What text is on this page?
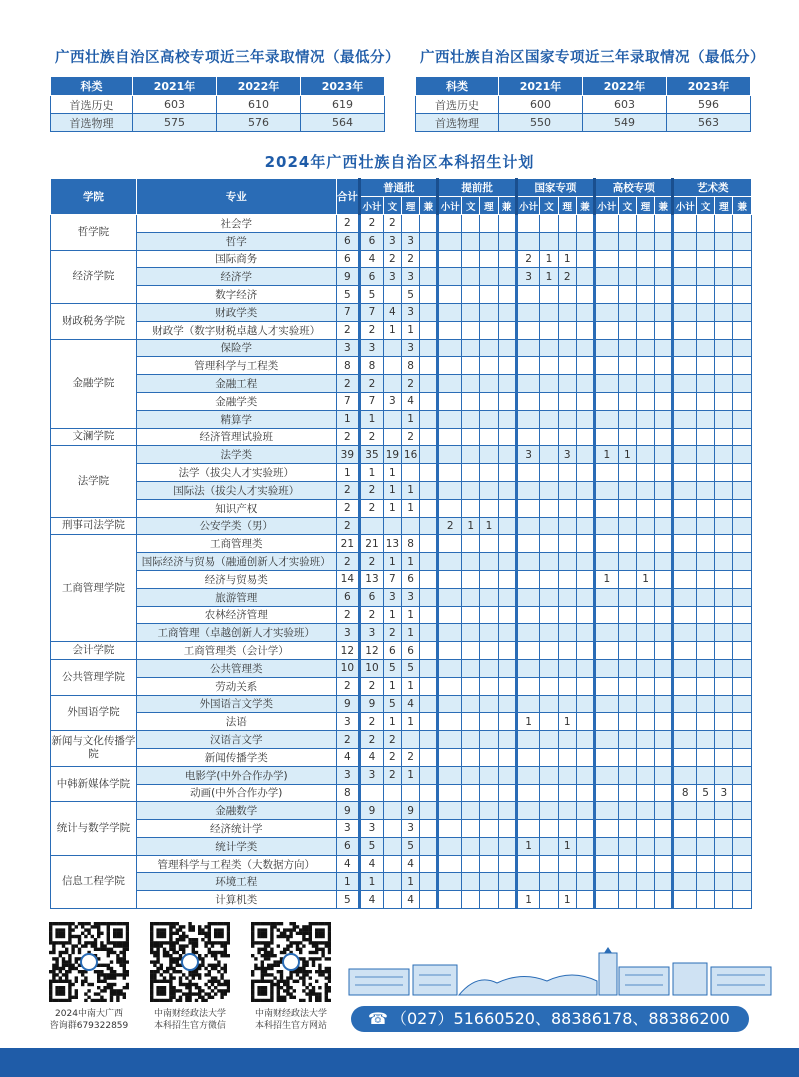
广西壮族自治区高校专项近三年录取情况（最低分）
科类	2021年	2022年	2023年
首选历史	603	610	619
首选物理	575	576	564
广西壮族自治区国家专项近三年录取情况（最低分）
科类	2021年	2022年	2023年
首选历史	600	603	596
首选物理	550	549	563
2024年广西壮族自治区本科招生计划
学院	专业	合计	普通批				提前批				国家专项				高校专项				艺术类			
			小计	文	理	兼	小计	文	理	兼	小计	文	理	兼	小计	文	理	兼	小计	文	理	兼
哲学院	社会学	2	2	2																		
	哲学	6	6	3	3																	
经济学院	国际商务	6	4	2	2						2	1	1									
	经济学	9	6	3	3						3	1	2									
	数字经济	5	5		5																	
财政税务学院	财政学类	7	7	4	3																	
	财政学（数字财税卓越人才实验班）	2	2	1	1																	
金融学院	保险学	3	3		3																	
	管理科学与工程类	8	8		8																	
	金融工程	2	2		2																	
	金融学类	7	7	3	4																	
	精算学	1	1		1																	
文澜学院	经济管理试验班	2	2		2																	
法学院	法学类	39	35	19	16						3		3		1	1						
	法学（拔尖人才实验班）	1	1	1																		
	国际法（拔尖人才实验班）	2	2	1	1																	
	知识产权	2	2	1	1																	
刑事司法学院	公安学类（男）	2					2	1	1													
工商管理学院	工商管理类	21	21	13	8																	
	国际经济与贸易（融通创新人才实验班）	2	2	1	1																	
	经济与贸易类	14	13	7	6										1		1					
	旅游管理	6	6	3	3																	
	农林经济管理	2	2	1	1																	
	工商管理（卓越创新人才实验班）	3	3	2	1																	
会计学院	工商管理类（会计学）	12	12	6	6																	
公共管理学院	公共管理类	10	10	5	5																	
	劳动关系	2	2	1	1																	
外国语学院	外国语言文学类	9	9	5	4																	
	法语	3	2	1	1						1		1									
新闻与文化传播学院	汉语言文学	2	2	2																		
	新闻传播学类	4	4	2	2																	
中韩新媒体学院	电影学(中外合作办学)	3	3	2	1																	
	动画(中外合作办学)	8																	8	5	3	
统计与数学学院	金融数学	9	9		9																	
	经济统计学	3	3		3																	
	统计学类	6	5		5						1		1									
信息工程学院	管理科学与工程类（大数据方向）	4	4		4																	
	环境工程	1	1		1																	
	计算机类	5	4		4						1		1									
2024中南大广西
咨询群679322859
中南财经政法大学
本科招生官方微信
中南财经政法大学
本科招生官方网站	☎ （027）51660520、88386178、88386200
